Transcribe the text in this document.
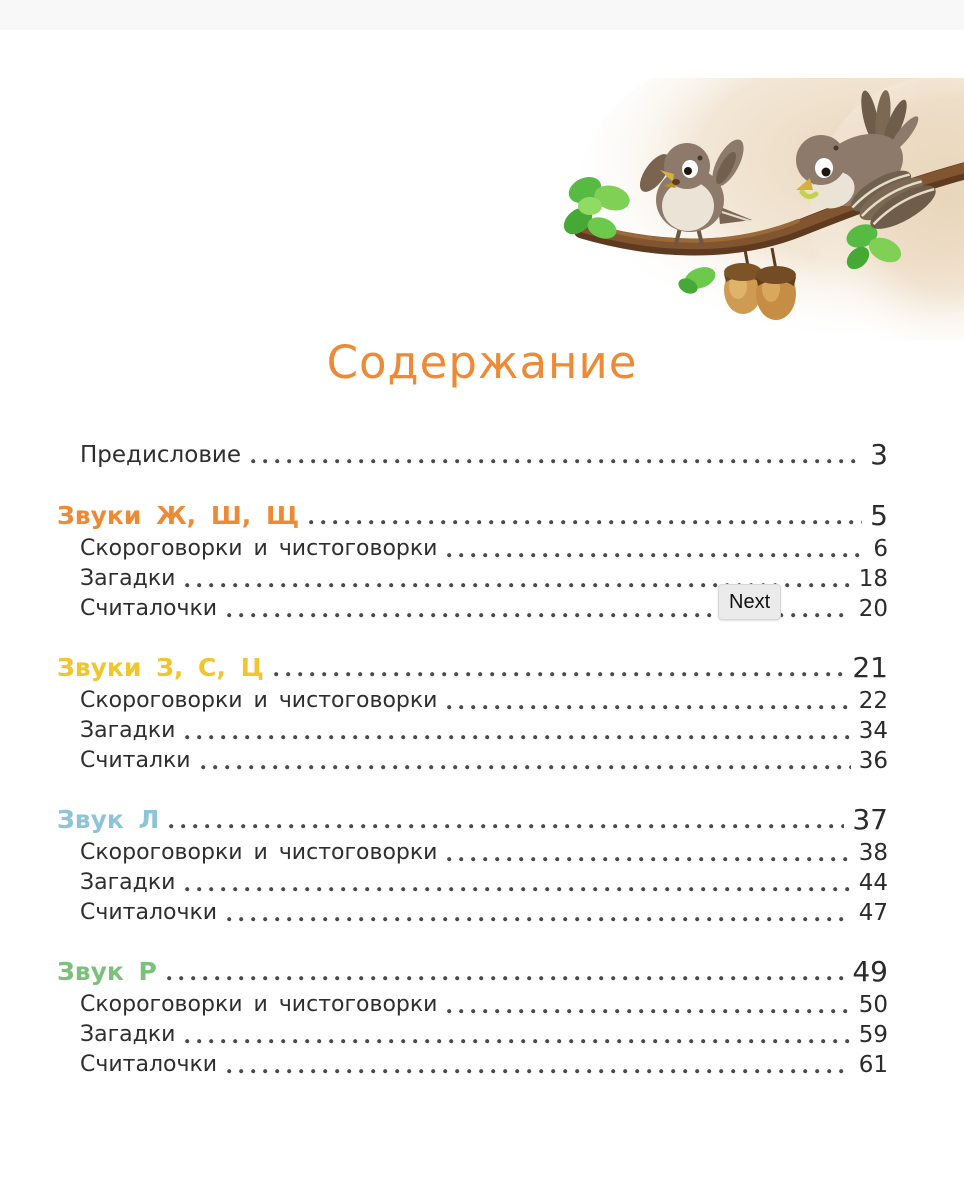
Содержание
Предисловие	3
Звуки Ж, Ш, Щ	5
Скороговорки и чистоговорки	6
Загадки	18
Считалочки	20
Звуки З, С, Ц	21
Скороговорки и чистоговорки	22
Загадки	34
Считалки	36
Звук Л	37
Скороговорки и чистоговорки	38
Загадки	44
Считалочки	47
Звук Р	49
Скороговорки и чистоговорки	50
Загадки	59
Считалочки	61
Next
